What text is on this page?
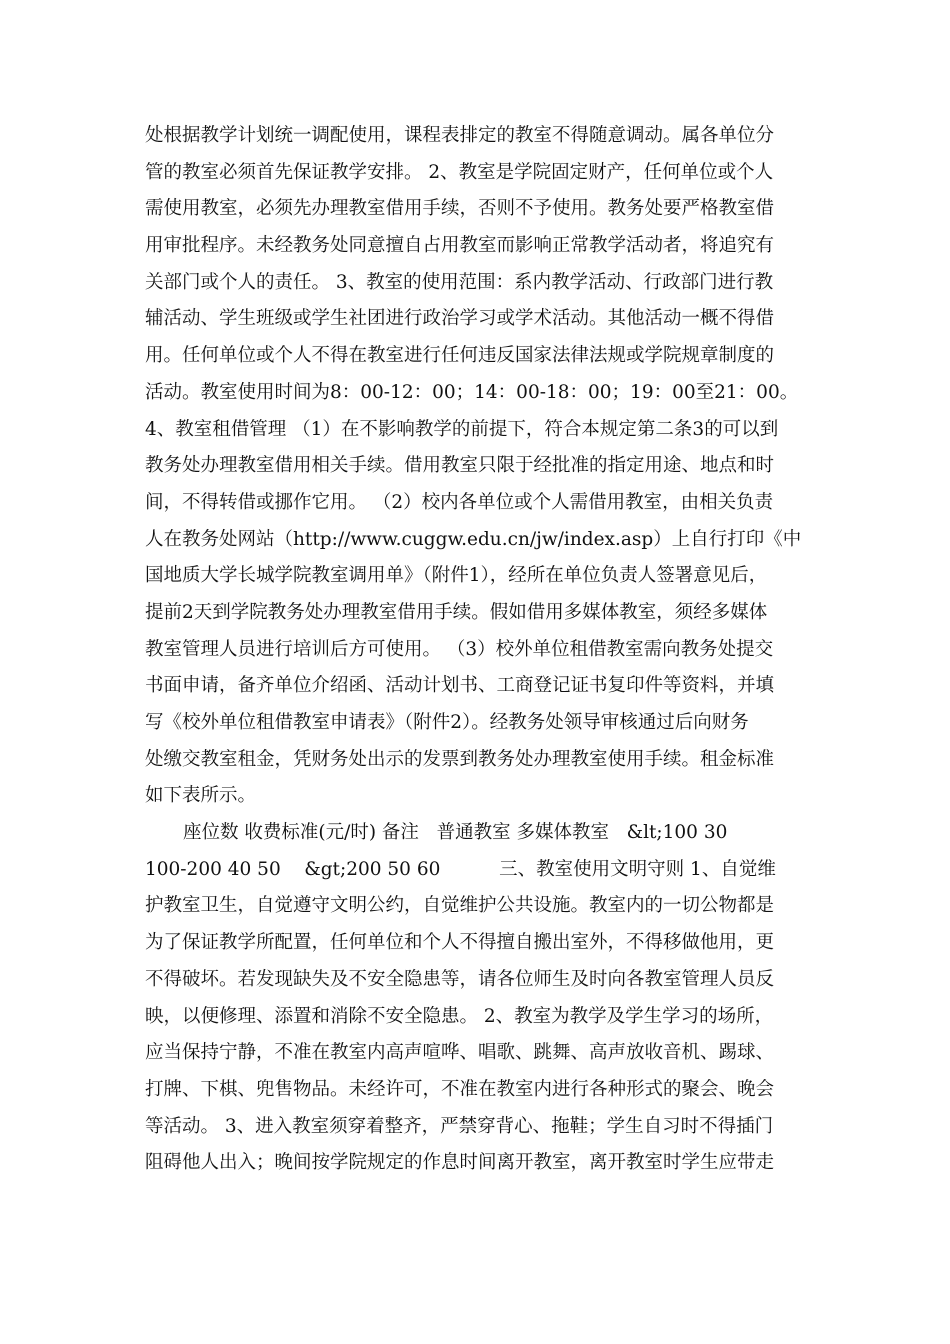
处根据教学计划统一调配使用，课程表排定的教室不得随意调动。属各单位分
管的教室必须首先保证教学安排。 2、教室是学院固定财产，任何单位或个人
需使用教室，必须先办理教室借用手续，否则不予使用。教务处要严格教室借
用审批程序。未经教务处同意擅自占用教室而影响正常教学活动者，将追究有
关部门或个人的责任。 3、教室的使用范围：系内教学活动、行政部门进行教
辅活动、学生班级或学生社团进行政治学习或学术活动。其他活动一概不得借
用。任何单位或个人不得在教室进行任何违反国家法律法规或学院规章制度的
活动。教室使用时间为8：00-12：00；14：00-18：00；19：00至21：00。
4、教室租借管理 （1）在不影响教学的前提下，符合本规定第二条3的可以到
教务处办理教室借用相关手续。借用教室只限于经批准的指定用途、地点和时
间，不得转借或挪作它用。 （2）校内各单位或个人需借用教室，由相关负责
人在教务处网站（http://www.cuggw.edu.cn/jw/index.asp）上自行打印《中
国地质大学长城学院教室调用单》（附件1），经所在单位负责人签署意见后，
提前2天到学院教务处办理教室借用手续。假如借用多媒体教室，须经多媒体
教室管理人员进行培训后方可使用。 （3）校外单位租借教室需向教务处提交
书面申请，备齐单位介绍函、活动计划书、工商登记证书复印件等资料，并填
写《校外单位租借教室申请表》（附件2）。经教务处领导审核通过后向财务
处缴交教室租金，凭财务处出示的发票到教务处办理教室使用手续。租金标准
如下表所示。
座位数 收费标准(元/时) 备注   普通教室 多媒体教室   &lt;100 30
100-200 40 50    &gt;200 50 60          三、教室使用文明守则 1、自觉维
护教室卫生，自觉遵守文明公约，自觉维护公共设施。教室内的一切公物都是
为了保证教学所配置，任何单位和个人不得擅自搬出室外，不得移做他用，更
不得破坏。若发现缺失及不安全隐患等，请各位师生及时向各教室管理人员反
映，以便修理、添置和消除不安全隐患。 2、教室为教学及学生学习的场所，
应当保持宁静，不准在教室内高声喧哗、唱歌、跳舞、高声放收音机、踢球、
打牌、下棋、兜售物品。未经许可，不准在教室内进行各种形式的聚会、晚会
等活动。 3、进入教室须穿着整齐，严禁穿背心、拖鞋；学生自习时不得插门
阻碍他人出入；晚间按学院规定的作息时间离开教室，离开教室时学生应带走
